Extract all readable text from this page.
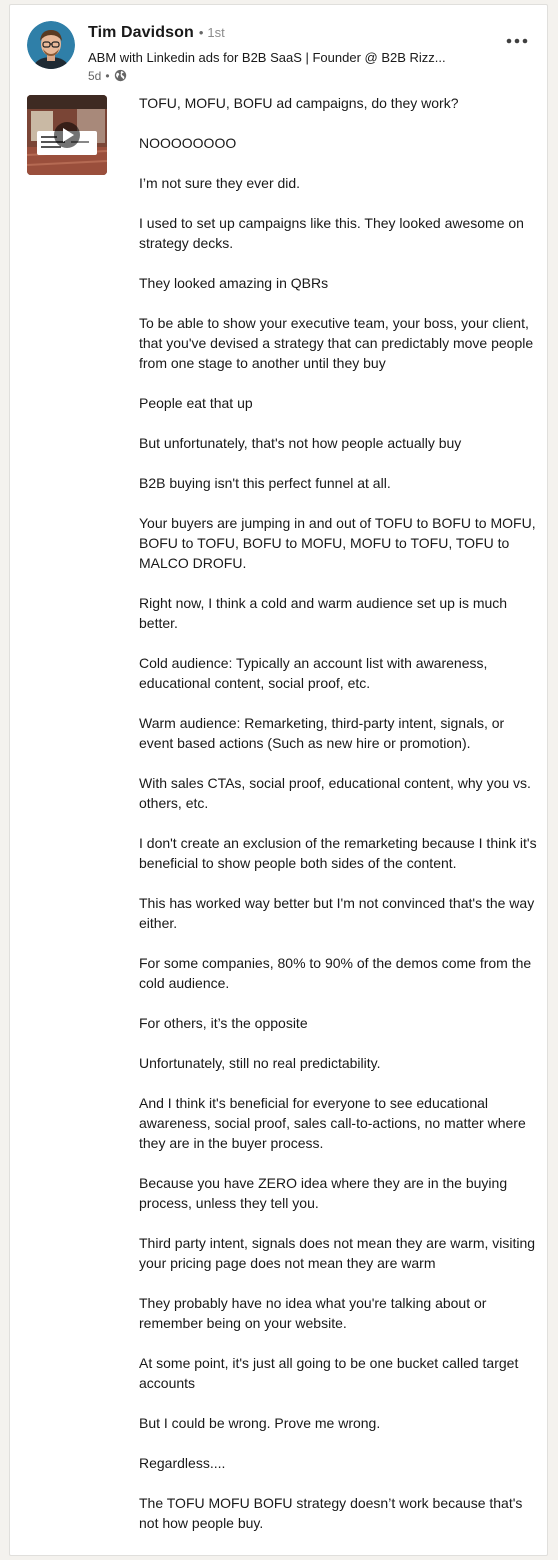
Tim Davidson • 1st
ABM with Linkedin ads for B2B SaaS | Founder @ B2B Rizz...
5d •

TOFU, MOFU, BOFU ad campaigns, do they work?

NOOOOOOOO

I’m not sure they ever did.

I used to set up campaigns like this. They looked awesome on strategy decks.

They looked amazing in QBRs

To be able to show your executive team, your boss, your client, that you've devised a strategy that can predictably move people from one stage to another until they buy

People eat that up

But unfortunately, that's not how people actually buy

B2B buying isn't this perfect funnel at all.

Your buyers are jumping in and out of TOFU to BOFU to MOFU, BOFU to TOFU, BOFU to MOFU, MOFU to TOFU, TOFU to MALCO DROFU.

Right now, I think a cold and warm audience set up is much better.

Cold audience: Typically an account list with awareness, educational content, social proof, etc.

Warm audience: Remarketing, third-party intent, signals, or event based actions (Such as new hire or promotion).

With sales CTAs, social proof, educational content, why you vs. others, etc.

I don't create an exclusion of the remarketing because I think it's beneficial to show people both sides of the content.

This has worked way better but I'm not convinced that's the way either.

For some companies, 80% to 90% of the demos come from the cold audience.

For others, it’s the opposite

Unfortunately, still no real predictability.

And I think it's beneficial for everyone to see educational awareness, social proof, sales call-to-actions, no matter where they are in the buyer process.

Because you have ZERO idea where they are in the buying process, unless they tell you.

Third party intent, signals does not mean they are warm, visiting your pricing page does not mean they are warm

They probably have no idea what you're talking about or remember being on your website.

At some point, it's just all going to be one bucket called target accounts

But I could be wrong. Prove me wrong.

Regardless....

The TOFU MOFU BOFU strategy doesn’t work because that's not how people buy.
